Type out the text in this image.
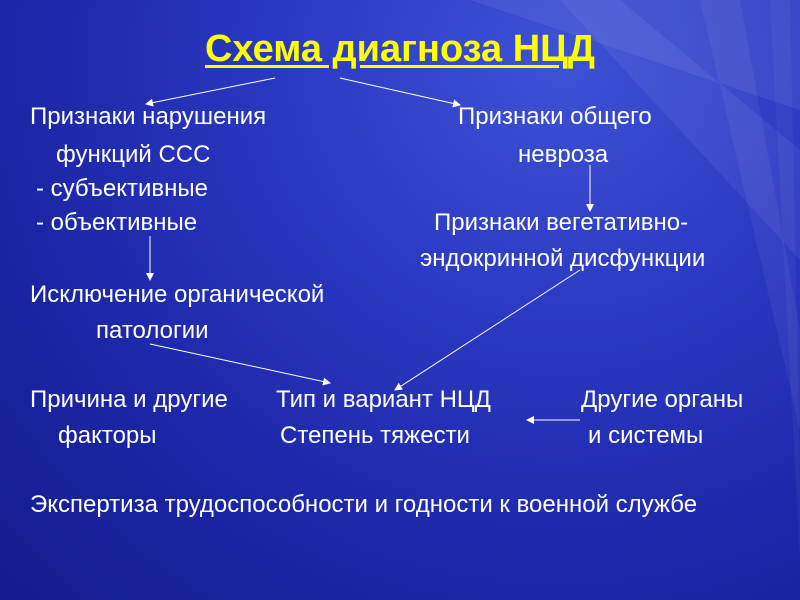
Схема диагноза НЦД
Признаки нарушения
функций ССС
- субъективные
- объективные
Признаки общего
невроза
Признаки вегетативно-
эндокринной дисфункции
Исключение органической
патологии
Причина и другие
факторы
Тип и вариант НЦД
Степень тяжести
Другие органы
и системы
Экспертиза трудоспособности и годности к военной службе
